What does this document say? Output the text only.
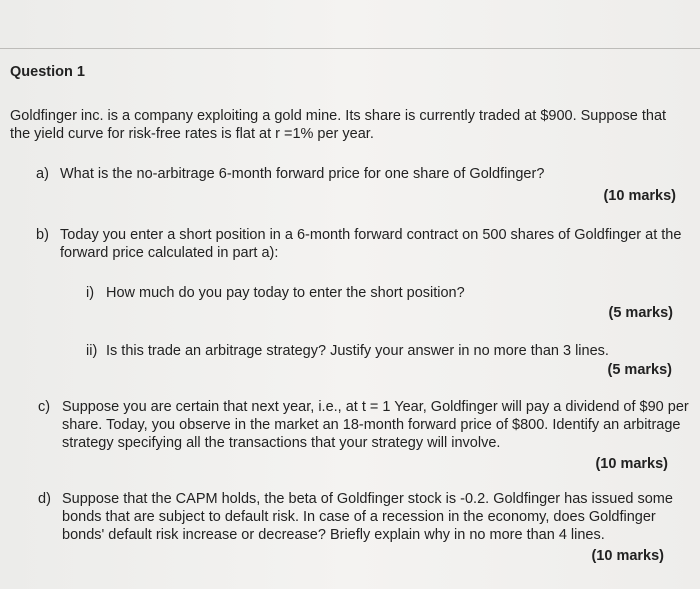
Question 1
Goldfinger inc. is a company exploiting a gold mine. Its share is currently traded at $900. Suppose that
the yield curve for risk-free rates is flat at r =1% per year.
a) What is the no-arbitrage 6-month forward price for one share of Goldfinger?
(10 marks)
b) Today you enter a short position in a 6-month forward contract on 500 shares of Goldfinger at the
forward price calculated in part a):
i) How much do you pay today to enter the short position?
(5 marks)
ii) Is this trade an arbitrage strategy? Justify your answer in no more than 3 lines.
(5 marks)
c) Suppose you are certain that next year, i.e., at t = 1 Year, Goldfinger will pay a dividend of $90 per
share. Today, you observe in the market an 18-month forward price of $800. Identify an arbitrage
strategy specifying all the transactions that your strategy will involve.
(10 marks)
d) Suppose that the CAPM holds, the beta of Goldfinger stock is -0.2. Goldfinger has issued some
bonds that are subject to default risk. In case of a recession in the economy, does Goldfinger
bonds' default risk increase or decrease? Briefly explain why in no more than 4 lines.
(10 marks)
